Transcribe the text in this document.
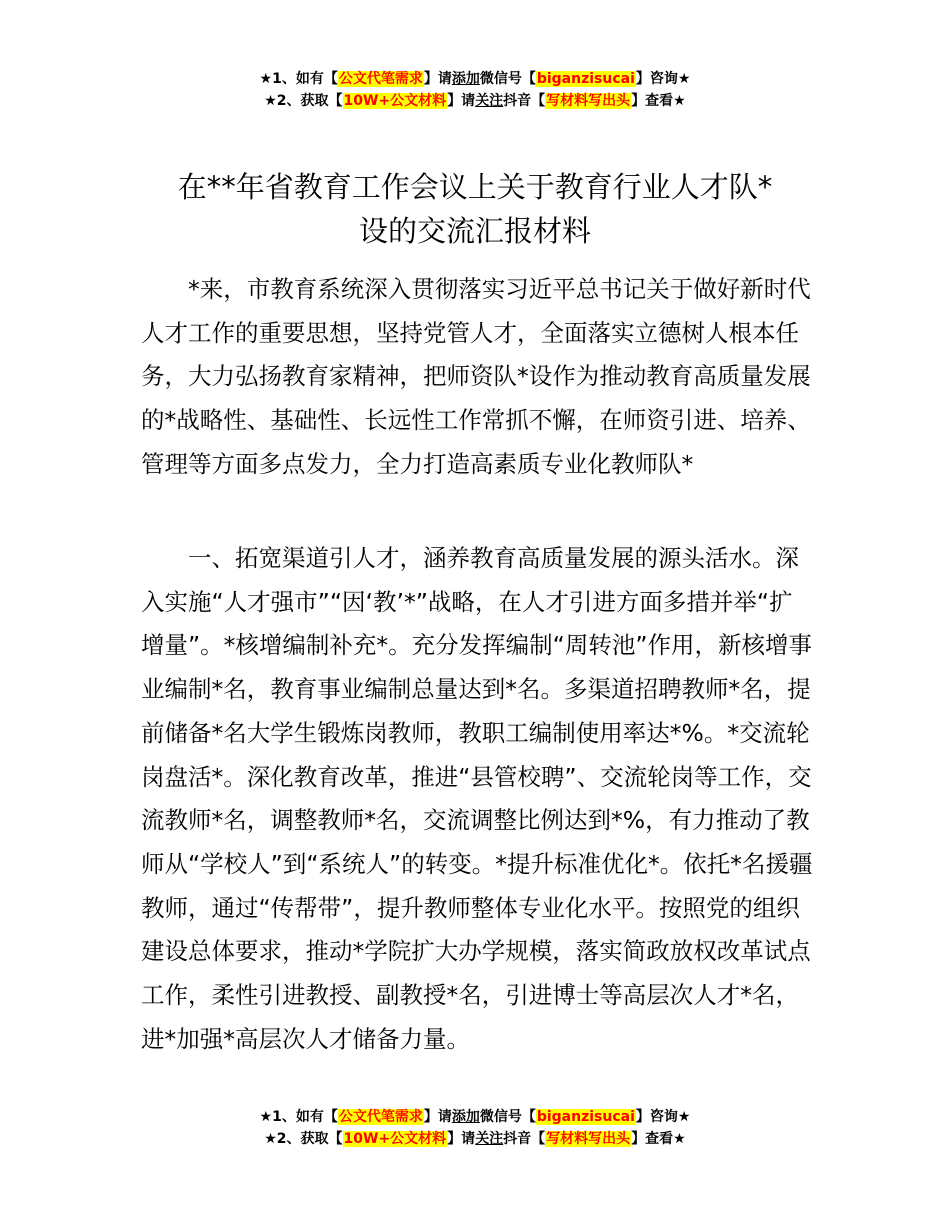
★1、如有【公文代笔需求】请添加微信号【biganzisucai】咨询★
★2、获取【10W+公文材料】请关注抖音【写材料写出头】查看★
在**年省教育工作会议上关于教育行业人才队*
设的交流汇报材料

*来，市教育系统深入贯彻落实习近平总书记关于做好新时代人才工作的重要思想，坚持党管人才，全面落实立德树人根本任务，大力弘扬教育家精神，把师资队*设作为推动教育高质量发展的*战略性、基础性、长远性工作常抓不懈，在师资引进、培养、管理等方面多点发力，全力打造高素质专业化教师队*

一、拓宽渠道引人才，涵养教育高质量发展的源头活水。深入实施“人才强市”“因‘教’*”战略，在人才引进方面多措并举“扩增量”。*核增编制补充*。充分发挥编制“周转池”作用，新核增事业编制*名，教育事业编制总量达到*名。多渠道招聘教师*名，提前储备*名大学生锻炼岗教师，教职工编制使用率达*%。*交流轮岗盘活*。深化教育改革，推进“县管校聘”、交流轮岗等工作，交流教师*名，调整教师*名，交流调整比例达到*%，有力推动了教师从“学校人”到“系统人”的转变。*提升标准优化*。依托*名援疆教师，通过“传帮带”，提升教师整体专业化水平。按照党的组织建设总体要求，推动*学院扩大办学规模，落实简政放权改革试点工作，柔性引进教授、副教授*名，引进博士等高层次人才*名，进*加强*高层次人才储备力量。

★1、如有【公文代笔需求】请添加微信号【biganzisucai】咨询★
★2、获取【10W+公文材料】请关注抖音【写材料写出头】查看★
